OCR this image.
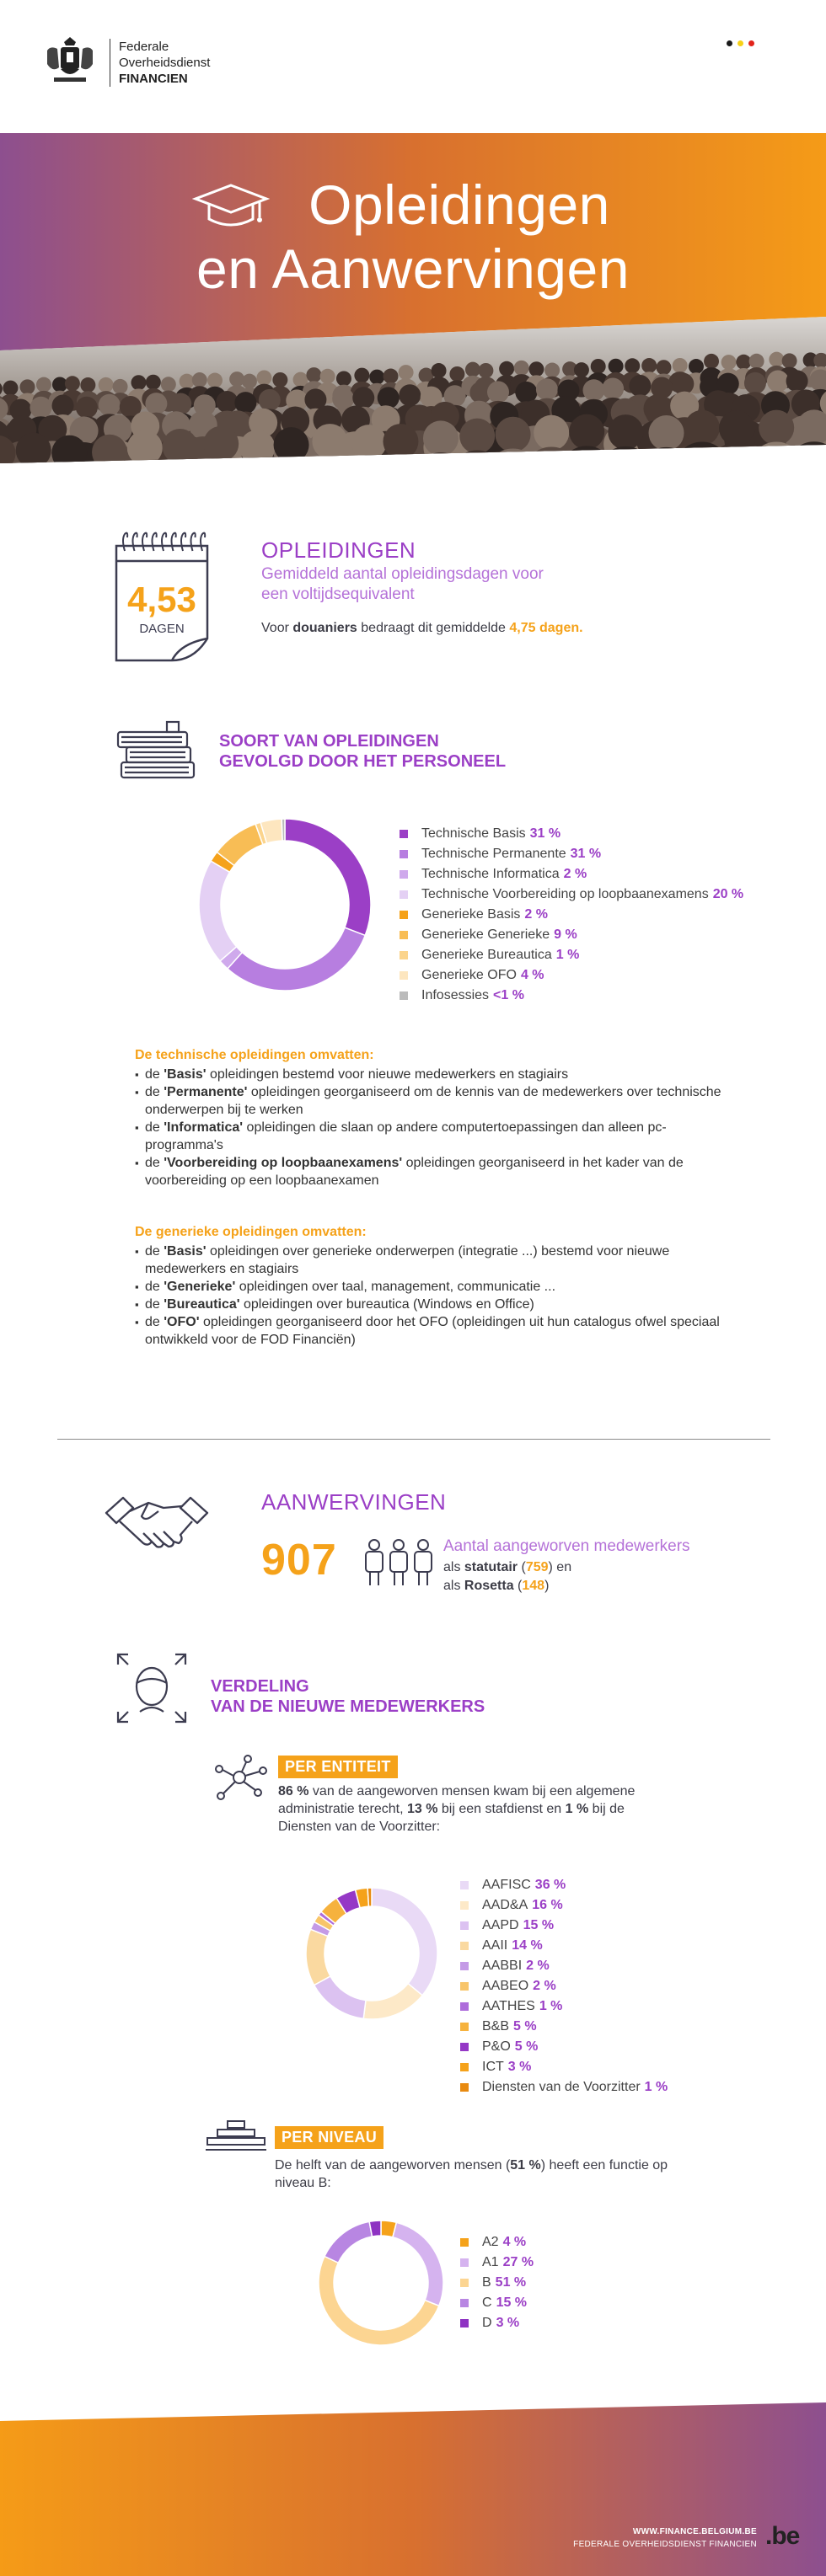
Federale
Overheidsdienst
FINANCIEN
Opleidingen
en Aanwervingen
4,53
DAGEN
OPLEIDINGEN
Gemiddeld aantal opleidingsdagen voor
een voltijdsequivalent
Voor douaniers bedraagt dit gemiddelde 4,75 dagen.
SOORT VAN OPLEIDINGEN
GEVOLGD DOOR HET PERSONEEL
Technische Basis 31 %
Technische Permanente 31 %
Technische Informatica 2 %
Technische Voorbereiding op loopbaanexamens 20 %
Generieke Basis 2 %
Generieke Generieke 9 %
Generieke Bureautica 1 %
Generieke OFO 4 %
Infosessies <1 %
De technische opleidingen omvatten:
▪ de 'Basis' opleidingen bestemd voor nieuwe medewerkers en stagiairs
▪ de 'Permanente' opleidingen georganiseerd om de kennis van de medewerkers over technische onderwerpen bij te werken
▪ de 'Informatica' opleidingen die slaan op andere computertoepassingen dan alleen pc-programma's
▪ de 'Voorbereiding op loopbaanexamens' opleidingen georganiseerd in het kader van de voorbereiding op een loopbaanexamen
De generieke opleidingen omvatten:
▪ de 'Basis' opleidingen over generieke onderwerpen (integratie ...) bestemd voor nieuwe medewerkers en stagiairs
▪ de 'Generieke' opleidingen over taal, management, communicatie ...
▪ de 'Bureautica' opleidingen over bureautica (Windows en Office)
▪ de 'OFO' opleidingen georganiseerd door het OFO (opleidingen uit hun catalogus ofwel speciaal ontwikkeld voor de FOD Financiën)
AANWERVINGEN
907	Aantal aangeworven medewerkers
als statutair (759) en
als Rosetta (148)
VERDELING
VAN DE NIEUWE MEDEWERKERS
PER ENTITEIT
86 % van de aangeworven mensen kwam bij een algemene administratie terecht, 13 % bij een stafdienst en 1 % bij de Diensten van de Voorzitter:
AAFISC 36 %
AAD&A 16 %
AAPD 15 %
AAII 14 %
AABBI 2 %
AABEO 2 %
AATHES 1 %
B&B 5 %
P&O 5 %
ICT 3 %
Diensten van de Voorzitter 1 %
PER NIVEAU
De helft van de aangeworven mensen (51 %) heeft een functie op niveau B:
A2 4 %
A1 27 %
B 51 %
C 15 %
D 3 %
WWW.FINANCE.BELGIUM.BE
FEDERALE OVERHEIDSDIENST FINANCIEN .be
